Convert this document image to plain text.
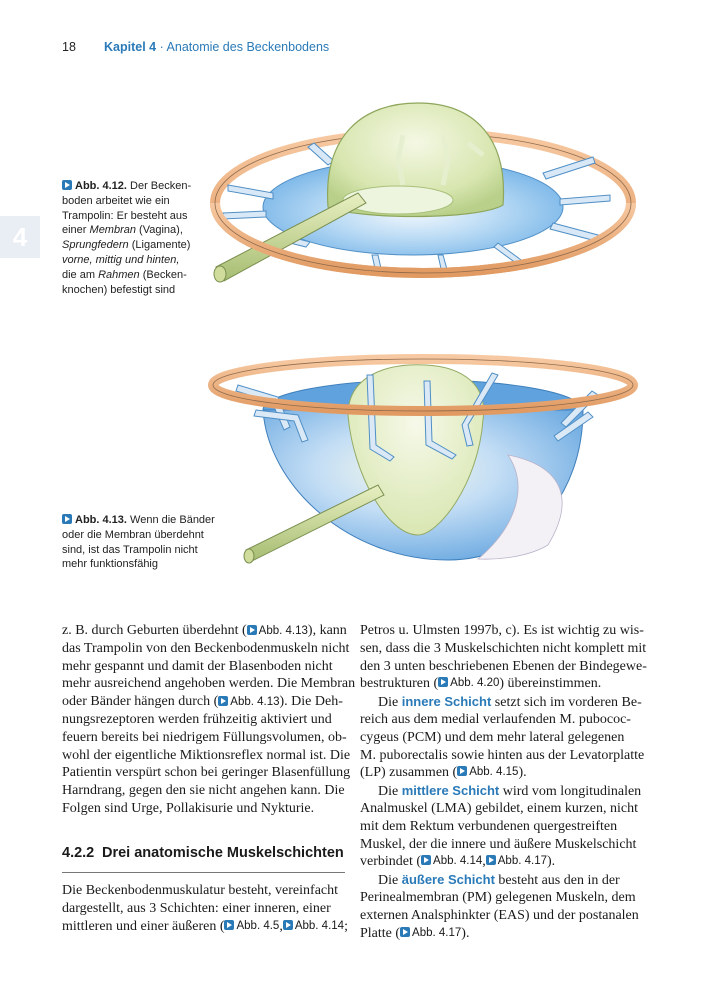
18 Kapitel 4 · Anatomie des Beckenbodens
4
Abb. 4.12. Der Becken-
boden arbeitet wie ein
Trampolin: Er besteht aus
einer Membran (Vagina),
Sprungfedern (Ligamente)
vorne, mittig und hinten,
die am Rahmen (Becken-
knochen) befestigt sind
Abb. 4.13. Wenn die Bänder
oder die Membran überdehnt
sind, ist das Trampolin nicht
mehr funktionsfähig
z. B. durch Geburten überdehnt ( Abb. 4.13), kann
das Trampolin von den Beckenbodenmuskeln nicht
mehr gespannt und damit der Blasenboden nicht
mehr ausreichend angehoben werden. Die Membran
oder Bänder hängen durch ( Abb. 4.13). Die Deh-
nungsrezeptoren werden frühzeitig aktiviert und
feuern bereits bei niedrigem Füllungsvolumen, ob-
wohl der eigentliche Miktionsreflex normal ist. Die
Patientin verspürt schon bei geringer Blasenfüllung
Harndrang, gegen den sie nicht angehen kann. Die
Folgen sind Urge, Pollakisurie und Nykturie.
4.2.2 Drei anatomische Muskelschichten
Die Beckenbodenmuskulatur besteht, vereinfacht
dargestellt, aus 3 Schichten: einer inneren, einer
mittleren und einer äußeren (	Abb. 4.5 ,	Abb. 4.14 ;
Petros u. Ulmsten 1997b, c). Es ist wichtig zu wis-
sen, dass die 3 Muskelschichten nicht komplett mit
den 3 unten beschriebenen Ebenen der Bindegewe-
bestrukturen (	Abb. 4.20 ) übereinstimmen.
Die innere Schicht setzt sich im vorderen Be-
reich aus dem medial verlaufenden M. pubococ-
cygeus (PCM) und dem mehr lateral gelegenen
M. puborectalis sowie hinten aus der Levatorplatte
(LP) zusammen (	Abb. 4.15 ).
Die mittlere Schicht wird vom longitudinalen
Analmuskel (LMA) gebildet, einem kurzen, nicht
mit dem Rektum verbundenen quergestreiften
Muskel, der die innere und äußere Muskelschicht
verbindet (	Abb. 4.14 ,	Abb. 4.17 ).
Die äußere Schicht besteht aus den in der
Perinealmembran (PM) gelegenen Muskeln, dem
externen Analsphinkter (EAS) und der postanalen
Platte (	Abb. 4.17 ).
